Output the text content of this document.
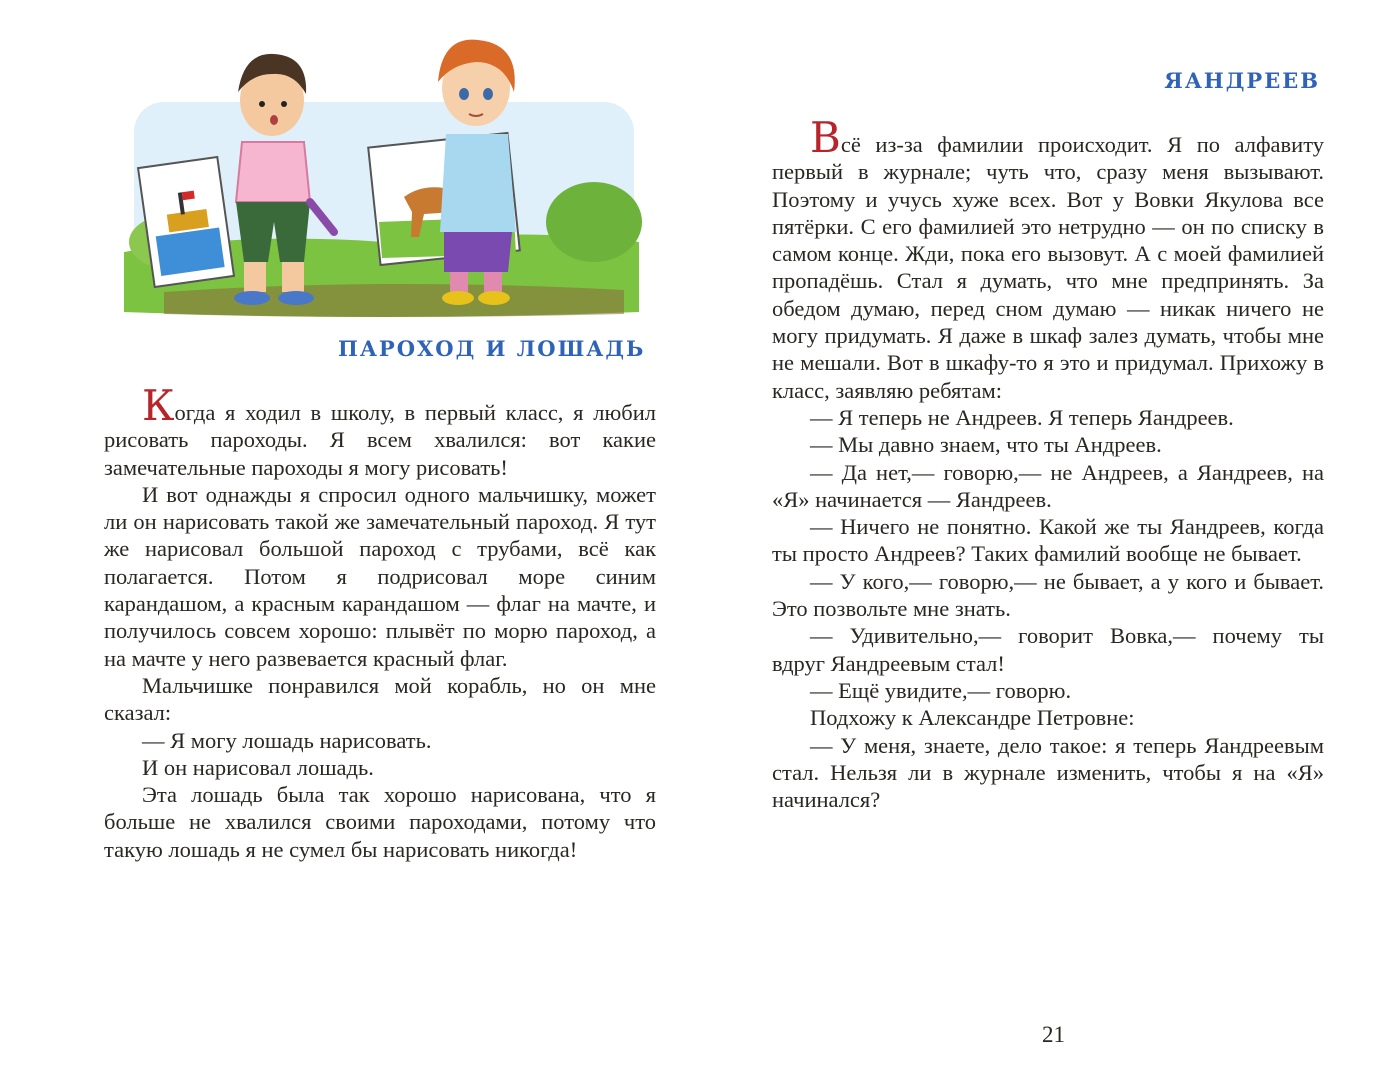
ПАРОХОД И ЛОШАДЬ

Когда я ходил в школу, в первый класс, я любил рисовать пароходы. Я всем хвалился: вот какие замечательные пароходы я могу рисовать!

И вот однажды я спросил одного мальчишку, может ли он нарисовать такой же замечательный пароход. Я тут же нарисовал большой пароход с трубами, всё как полагается. Потом я подрисовал море синим карандашом, а красным карандашом — флаг на мачте, и получилось совсем хорошо: плывёт по морю пароход, а на мачте у него развевается красный флаг.

Мальчишке понравился мой корабль, но он мне сказал:

— Я могу лошадь нарисовать.

И он нарисовал лошадь.

Эта лошадь была так хорошо нарисована, что я больше не хвалился своими пароходами, потому что такую лошадь я не сумел бы нарисовать никогда!

ЯАНДРЕЕВ

Всё из-за фамилии происходит. Я по алфавиту первый в журнале; чуть что, сразу меня вызывают. Поэтому и учусь хуже всех. Вот у Вовки Якулова все пятёрки. С его фамилией это нетрудно — он по списку в самом конце. Жди, пока его вызовут. А с моей фамилией пропадёшь. Стал я думать, что мне предпринять. За обедом думаю, перед сном думаю — никак ничего не могу придумать. Я даже в шкаф залез думать, чтобы мне не мешали. Вот в шкафу-то я это и придумал. Прихожу в класс, заявляю ребятам:

— Я теперь не Андреев. Я теперь Яандреев.

— Мы давно знаем, что ты Андреев.

— Да нет,— говорю,— не Андреев, а Яандреев, на «Я» начинается — Яандреев.

— Ничего не понятно. Какой же ты Яандреев, когда ты просто Андреев? Таких фамилий вообще не бывает.

— У кого,— говорю,— не бывает, а у кого и бывает. Это позвольте мне знать.

— Удивительно,— говорит Вовка,— почему ты вдруг Яандреевым стал!

— Ещё увидите,— говорю.

Подхожу к Александре Петровне:

— У меня, знаете, дело такое: я теперь Яандреевым стал. Нельзя ли в журнале изменить, чтобы я на «Я» начинался?

21
